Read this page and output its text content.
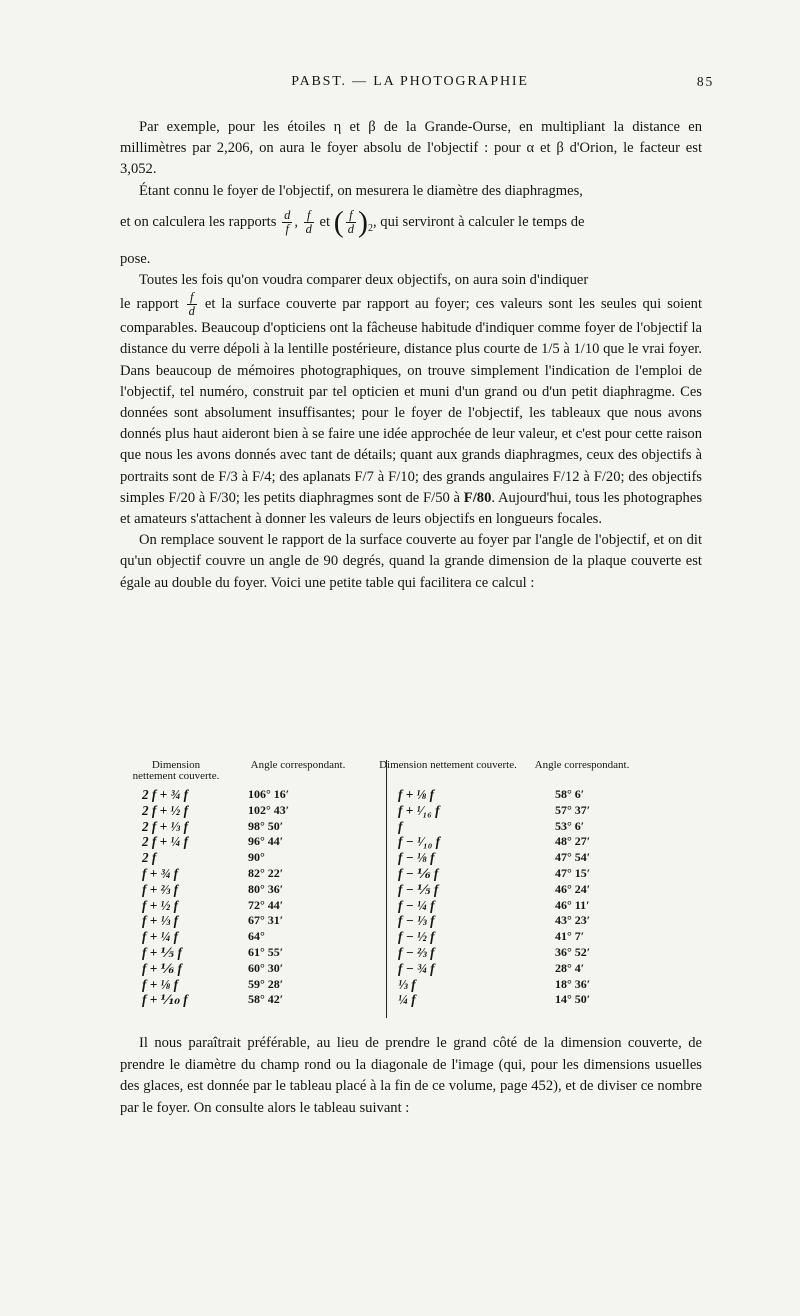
PABST. — LA PHOTOGRAPHIE	85

Par exemple, pour les étoiles η et β de la Grande-Ourse, en multipliant la distance en millimètres par 2,206, on aura le foyer absolu de l'objectif : pour α et β d'Orion, le facteur est 3,052.

Étant connu le foyer de l'objectif, on mesurera le diamètre des diaphragmes,

et on calculera les rapports $\frac{d}{f}$ , $\frac{f}{d}$ et ( $\frac{f}{d} )_2$, qui serviront à calculer le temps de
pose.

Toutes les fois qu'on voudra comparer deux objectifs, on aura soin d'indiquer

le rapport $\frac{f}{d}$ et la surface couverte par rapport au foyer; ces valeurs sont les seules qui soient comparables. Beaucoup d'opticiens ont la fâcheuse habitude d'indiquer comme foyer de l'objectif la distance du verre dépoli à la lentille postérieure, distance plus courte de 1/5 à 1/10 que le vrai foyer. Dans beaucoup de mémoires photographiques, on trouve simplement l'indication de l'emploi de l'objectif, tel numéro, construit par tel opticien et muni d'un grand ou d'un petit diaphragme. Ces données sont absolument insuffisantes; pour le foyer de l'objectif, les tableaux que nous avons donnés plus haut aideront bien à se faire une idée approchée de leur valeur, et c'est pour cette raison que nous les avons donnés avec tant de détails; quant aux grands diaphragmes, ceux des objectifs à portraits sont de F/3 à F/4; des aplanats F/7 à F/10; des grands angulaires F/12 à F/20; des objectifs simples F/20 à F/30; les petits diaphragmes sont de F/50 à F/80. Aujourd'hui, tous les photographes et amateurs s'attachent à donner les valeurs de leurs objectifs en longueurs focales.

On remplace souvent le rapport de la surface couverte au foyer par l'angle de l'objectif, et on dit qu'un objectif couvre un angle de 90 degrés, quand la grande dimension de la plaque couverte est égale au double du foyer. Voici une petite table qui facilitera ce calcul :

Dimension nettement couverte.
2 f + ¾ f
2 f + ½ f
2 f + ⅓ f
2 f + ¼ f
2 f
f + ¾ f
f + ⅔ f
f + ½ f
f + ⅓ f
f + ¼ f
f + ⅕ f
f + ⅙ f
f + ⅛ f
f + ⅒ f
Angle correspondant.
106° 16′
102° 43′
98° 50′
96° 44′
90°
82° 22′
80° 36′
72° 44′
67° 31′
64°
61° 55′
60° 30′
59° 28′
58° 42′
Dimension nettement couverte.
f + ⅛ f
f + ¹⁄₁₆ f
f
f − ¹⁄₁₀ f
f − ⅛ f
f − ⅙ f
f − ⅕ f
f − ¼ f
f − ⅓ f
f − ½ f
f − ⅔ f
f − ¾ f
⅓ f
¼ f
Angle correspondant.
58° 6′
57° 37′
53° 6′
48° 27′
47° 54′
47° 15′
46° 24′
46° 11′
43° 23′
41° 7′
36° 52′
28° 4′
18° 36′
14° 50′

Il nous paraîtrait préférable, au lieu de prendre le grand côté de la dimension couverte, de prendre le diamètre du champ rond ou la diagonale de l'image (qui, pour les dimensions usuelles des glaces, est donnée par le tableau placé à la fin de ce volume, page 452), et de diviser ce nombre par le foyer. On consulte alors le tableau suivant :
